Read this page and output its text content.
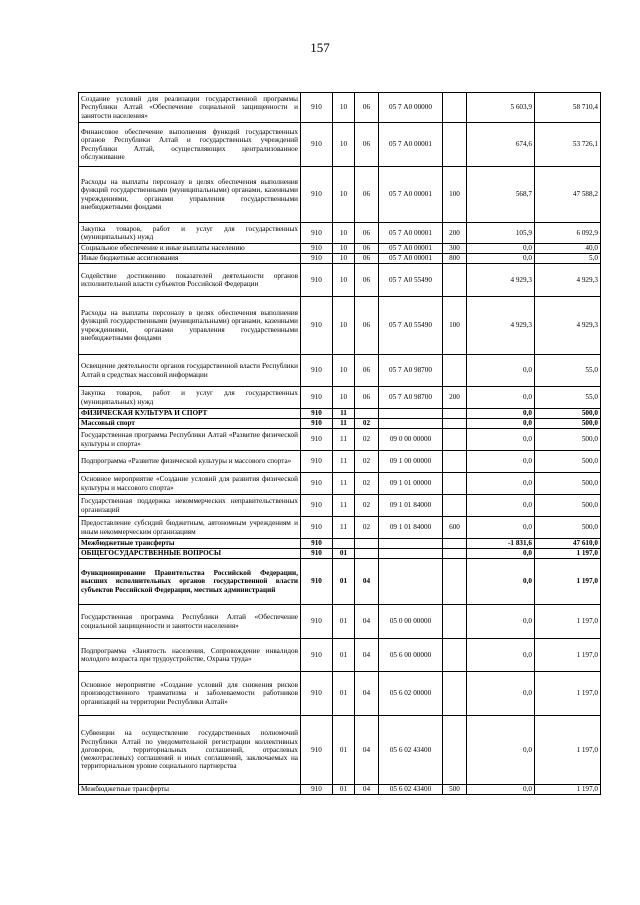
157
Создание условий для реализации государственной программы Республики Алтай «Обеспечение социальной защищенности и занятости населения»	910	10	06	05 7 А0 00000		5 603,9	58 710,4
Финансовое обеспечение выполнения функций государственных органов Республики Алтай и государственных учреждений Республики Алтай, осуществляющих централизованное обслуживание	910	10	06	05 7 А0 00001		674,6	53 726,1
Расходы на выплаты персоналу в целях обеспечения выполнения функций государственными (муниципальными) органами, казенными учреждениями, органами управления государственными внебюджетными фондами	910	10	06	05 7 А0 00001	100	568,7	47 588,2
Закупка товаров, работ и услуг для государственных (муниципальных) нужд	910	10	06	05 7 А0 00001	200	105,9	6 092,9
Социальное обеспечение и иные выплаты населению	910	10	06	05 7 А0 00001	300	0,0	40,0
Иные бюджетные ассигнования	910	10	06	05 7 А0 00001	800	0,0	5,0
Содействие достижению показателей деятельности органов исполнительной власти субъектов Российской Федерации	910	10	06	05 7 А0 55490		4 929,3	4 929,3
Расходы на выплаты персоналу в целях обеспечения выполнения функций государственными (муниципальными) органами, казенными учреждениями, органами управления государственными внебюджетными фондами	910	10	06	05 7 А0 55490	100	4 929,3	4 929,3
Освещение деятельности органов государственной власти Республики Алтай в средствах массовой информации	910	10	06	05 7 А0 98700		0,0	55,0
Закупка товаров, работ и услуг для государственных (муниципальных) нужд	910	10	06	05 7 А0 98700	200	0,0	55,0
ФИЗИЧЕСКАЯ КУЛЬТУРА И СПОРТ	910	11				0,0	500,0
Массовый спорт	910	11	02			0,0	500,0
Государственная программа Республики Алтай «Развитие физической культуры и спорта»	910	11	02	09 0 00 00000		0,0	500,0
Подпрограмма «Развитие физической культуры и массового спорта»	910	11	02	09 1 00 00000		0,0	500,0
Основное мероприятие «Создание условий для развития физической культуры и массового спорта»	910	11	02	09 1 01 00000		0,0	500,0
Государственная поддержка некоммерческих неправительственных организаций	910	11	02	09 1 01 84000		0,0	500,0
Предоставление субсидий бюджетным, автономным учреждениям и иным некоммерческим организациям	910	11	02	09 1 01 84000	600	0,0	500,0
Межбюджетные трансферты	910					-1 831,6	47 610,0
ОБЩЕГОСУДАРСТВЕННЫЕ ВОПРОСЫ	910	01				0,0	1 197,0
Функционирование Правительства Российской Федерации, высших исполнительных органов государственной власти субъектов Российской Федерации, местных администраций	910	01	04			0,0	1 197,0
Государственная программа Республики Алтай «Обеспечение социальной защищенности и занятости населения»	910	01	04	05 0 00 00000		0,0	1 197,0
Подпрограмма «Занятость населения, Сопровождение инвалидов молодого возраста при трудоустройстве, Охрана труда»	910	01	04	05 6 00 00000		0,0	1 197,0
Основное мероприятие «Создание условий для снижения рисков производственного травматизма и заболеваемости работников организаций на территории Республики Алтай»	910	01	04	05 6 02 00000		0,0	1 197,0
Субвенции на осуществление государственных полномочий Республики Алтай по уведомительной регистрации коллективных договоров, территориальных соглашений, отраслевых (межотраслевых) соглашений и иных соглашений, заключаемых на территориальном уровне социального партнерства	910	01	04	05 6 02 43400		0,0	1 197,0
Межбюджетные трансферты	910	01	04	05 6 02 43400	500	0,0	1 197,0
